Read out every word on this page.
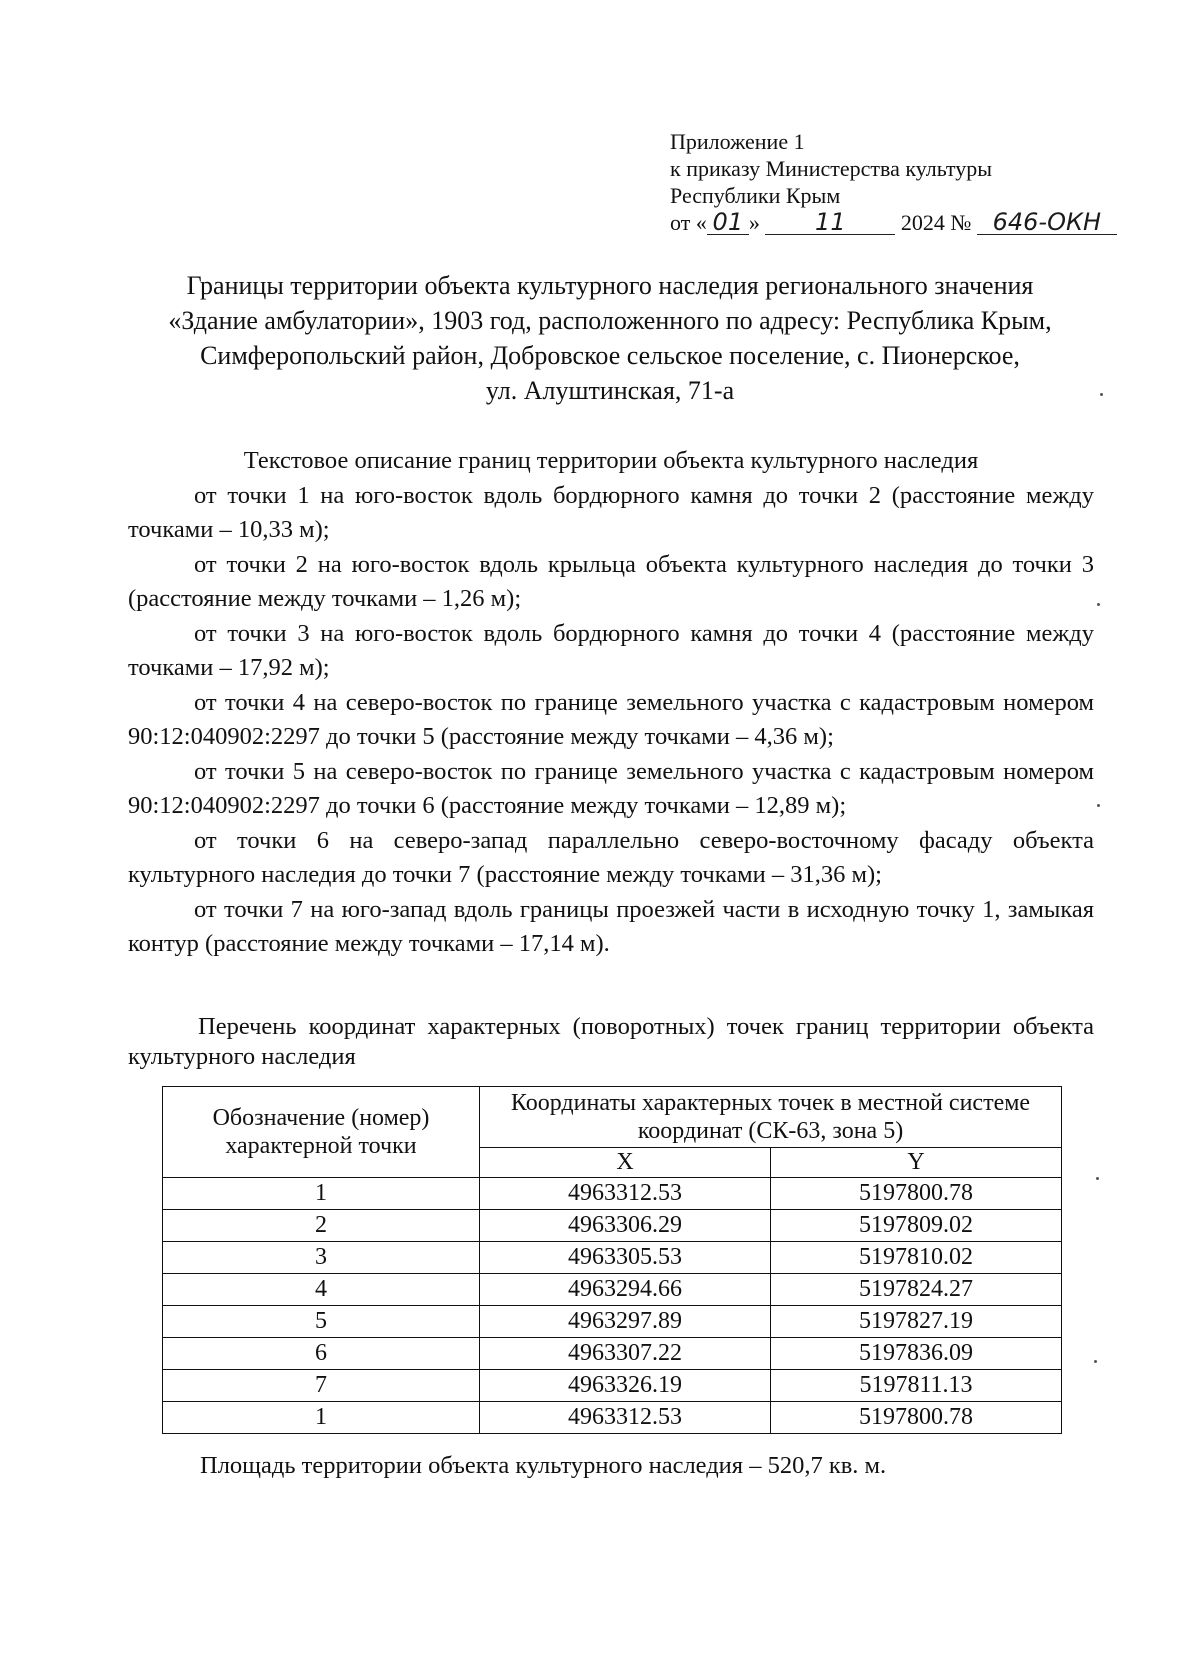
Приложение 1
к приказу Министерства культуры
Республики Крым
от « 01 » 11	2024 № 646-ОКН
Границы территории объекта культурного наследия регионального значения
«Здание амбулатории», 1903 год, расположенного по адресу: Республика Крым,
Симферопольский район, Добровское сельское поселение, с. Пионерское,
ул. Алуштинская, 71-а
Текстовое описание границ территории объекта культурного наследия

от точки 1 на юго-восток вдоль бордюрного камня до точки 2 (расстояние между точками – 10,33 м);

от точки 2 на юго-восток вдоль крыльца объекта культурного наследия до точки 3 (расстояние между точками – 1,26 м);

от точки 3 на юго-восток вдоль бордюрного камня до точки 4 (расстояние между точками – 17,92 м);

от точки 4 на северо-восток по границе земельного участка с кадастровым номером 90:12:040902:2297 до точки 5 (расстояние между точками – 4,36 м);

от точки 5 на северо-восток по границе земельного участка с кадастровым номером 90:12:040902:2297 до точки 6 (расстояние между точками – 12,89 м);

от точки 6 на северо-запад параллельно северо-восточному фасаду объекта культурного наследия до точки 7 (расстояние между точками – 31,36 м);

от точки 7 на юго-запад вдоль границы проезжей части в исходную точку 1, замыкая контур (расстояние между точками – 17,14 м).

Перечень координат характерных (поворотных) точек границ территории объекта культурного наследия
Обозначение (номер) характерной точки	Координаты характерных точек в местной системе координат (СК-63, зона 5)	
	X	Y
1	4963312.53	5197800.78
2	4963306.29	5197809.02
3	4963305.53	5197810.02
4	4963294.66	5197824.27
5	4963297.89	5197827.19
6	4963307.22	5197836.09
7	4963326.19	5197811.13
1	4963312.53	5197800.78
Площадь территории объекта культурного наследия – 520,7 кв. м.
